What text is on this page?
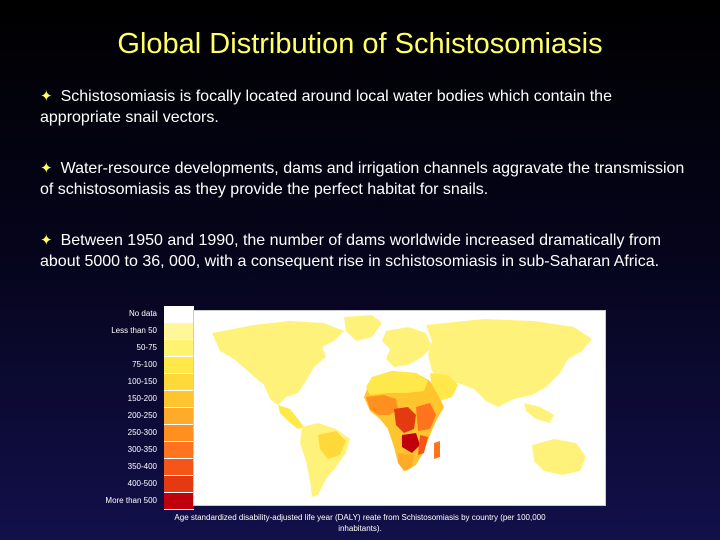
Global Distribution of Schistosomiasis
✦ Schistosomiasis is focally located around local water bodies which contain the appropriate snail vectors.
✦ Water-resource developments, dams and irrigation channels aggravate the transmission of schistosomiasis as they provide the perfect habitat for snails.
✦ Between 1950 and 1990, the number of dams worldwide increased dramatically from about 5000 to 36, 000, with a consequent rise in schistosomiasis in sub-Saharan Africa.
No data
Less than 50
50-75
75-100
100-150
150-200
200-250
250-300
300-350
350-400
400-500
More than 500
Age standardized disability-adjusted life year (DALY) reate from Schistosomiasis by country (per 100,000 inhabitants).
